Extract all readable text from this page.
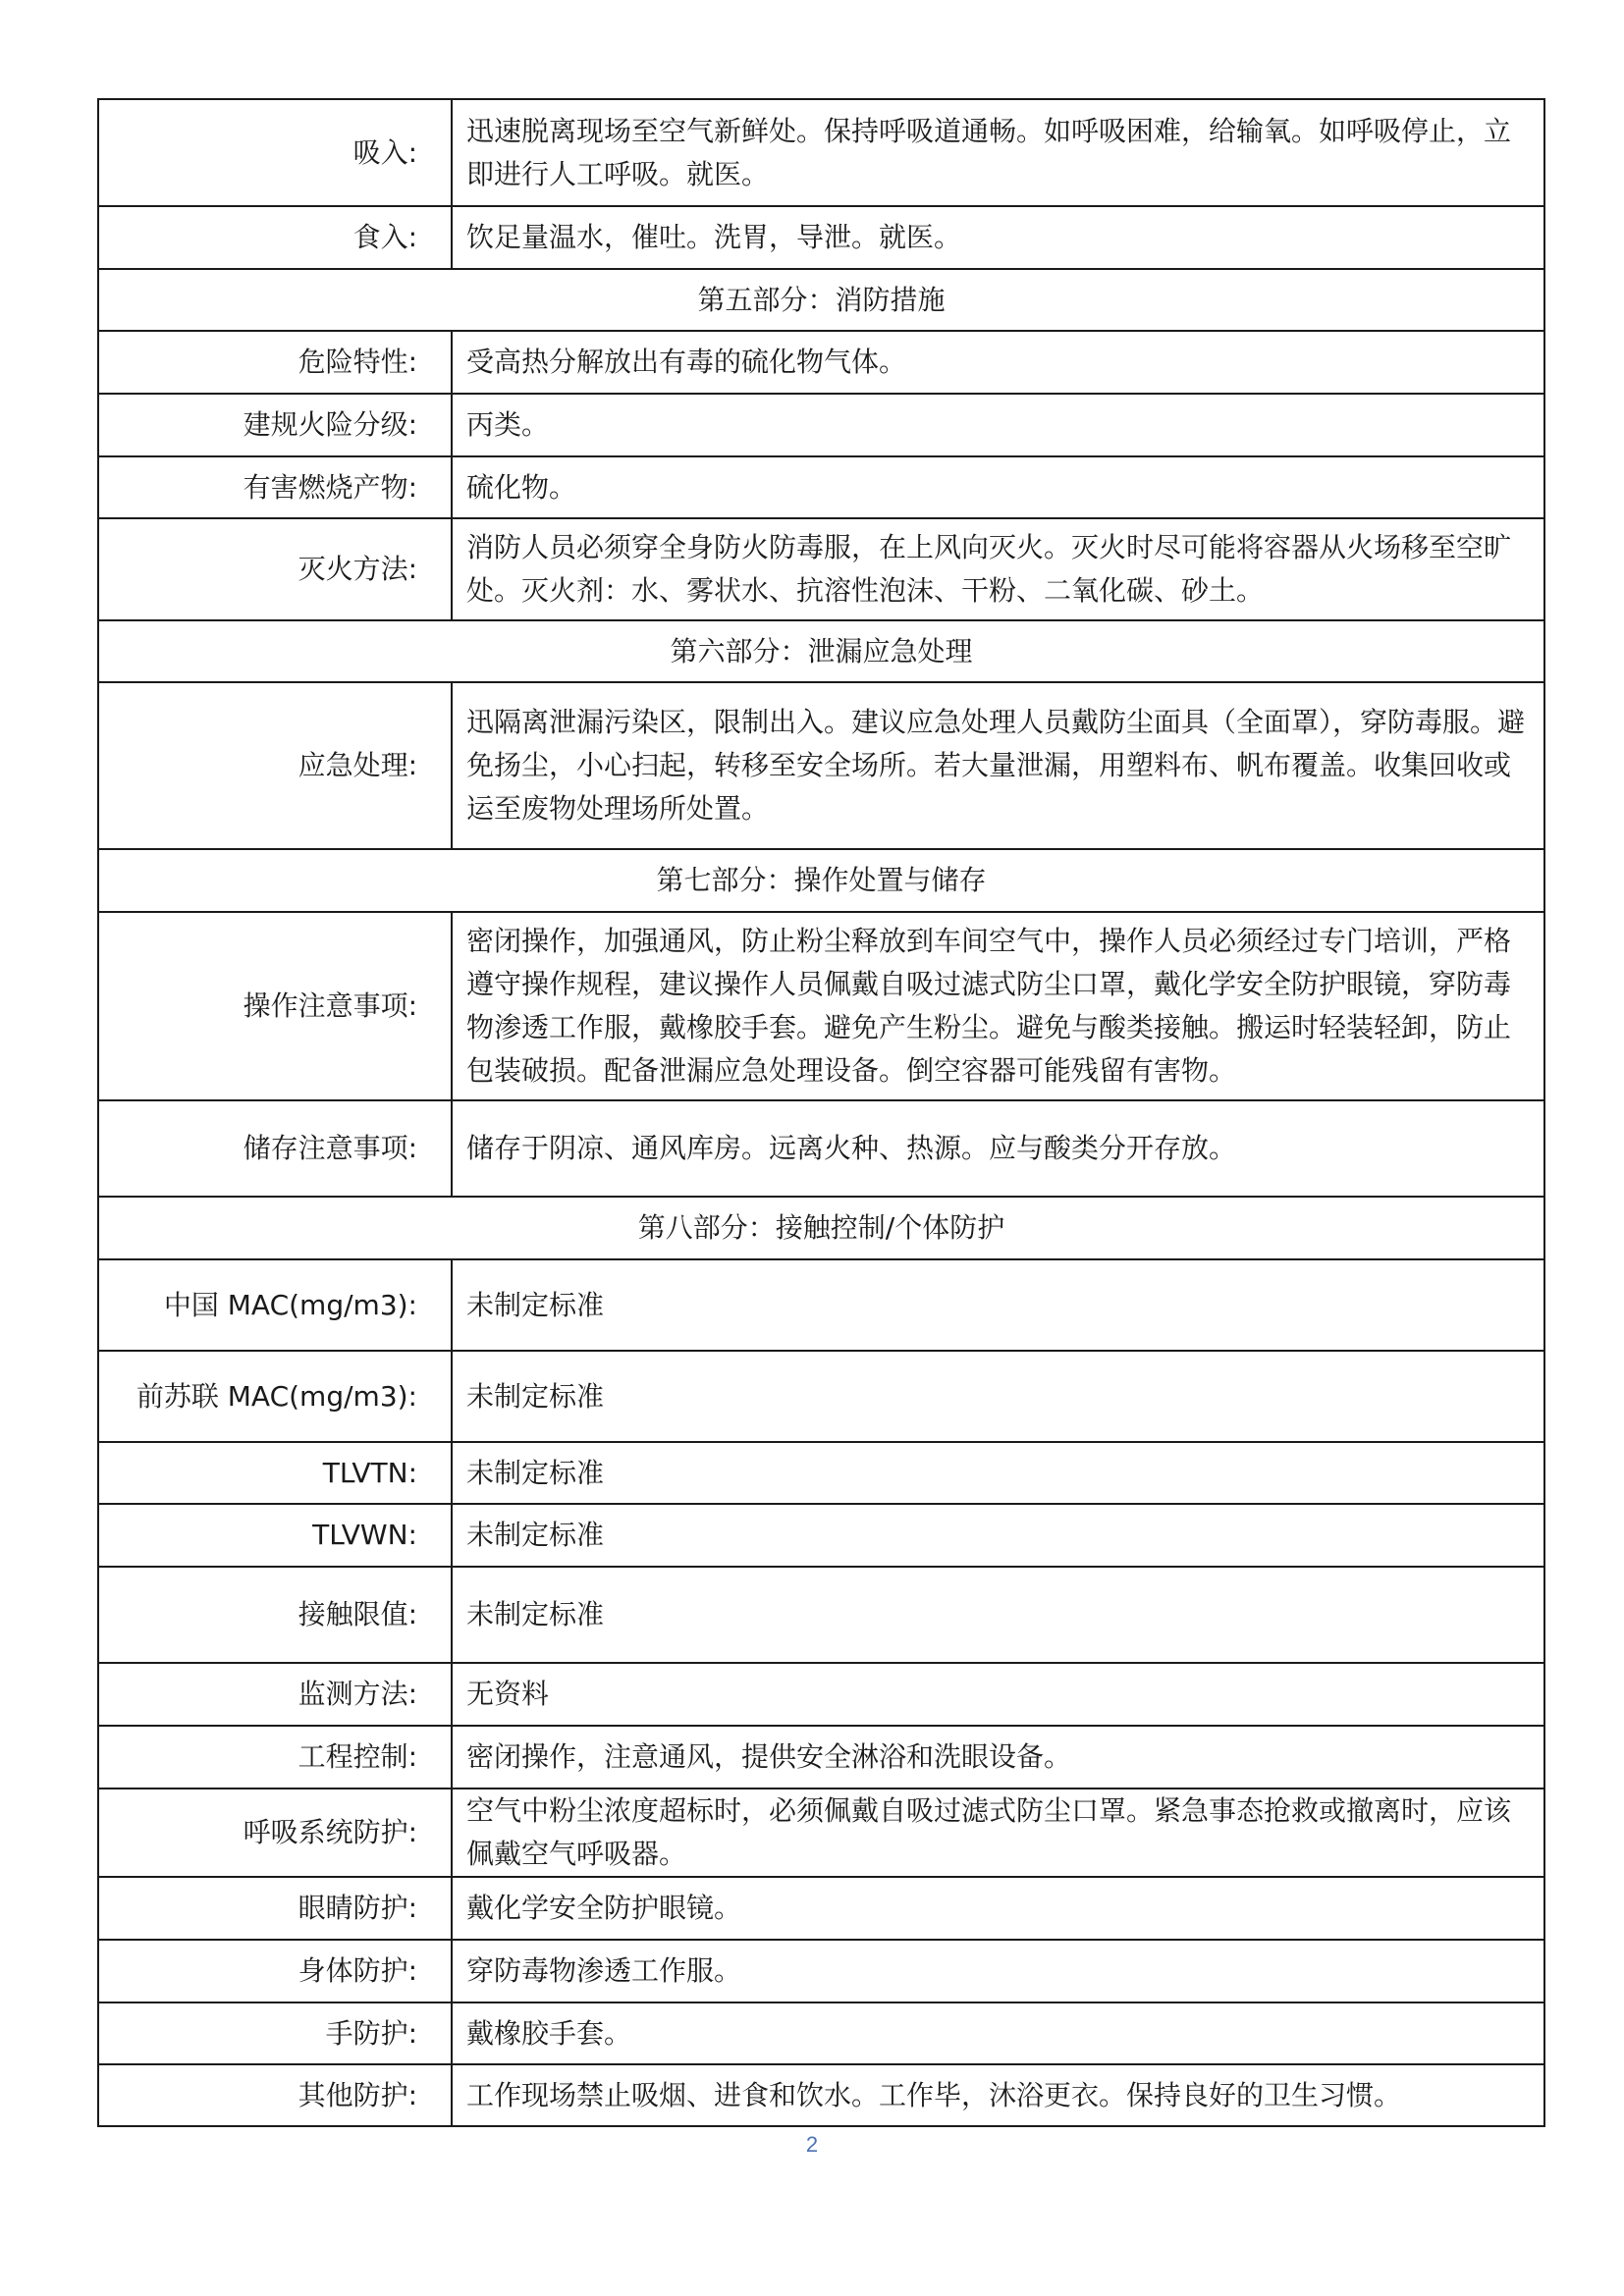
吸入:	迅速脱离现场至空气新鲜处。保持呼吸道通畅。如呼吸困难，给输氧。如呼吸停止，立即进行人工呼吸。就医。
食入:	饮足量温水，催吐。洗胃，导泄。就医。
第五部分：消防措施	
危险特性:	受高热分解放出有毒的硫化物气体。
建规火险分级:	丙类。
有害燃烧产物:	硫化物。
灭火方法:	消防人员必须穿全身防火防毒服，在上风向灭火。灭火时尽可能将容器从火场移至空旷处。灭火剂：水、雾状水、抗溶性泡沫、干粉、二氧化碳、砂土。
第六部分：泄漏应急处理	
应急处理:	迅隔离泄漏污染区，限制出入。建议应急处理人员戴防尘面具（全面罩），穿防毒服。避免扬尘，小心扫起，转移至安全场所。若大量泄漏，用塑料布、帆布覆盖。收集回收或运至废物处理场所处置。
第七部分：操作处置与储存	
操作注意事项:	密闭操作，加强通风，防止粉尘释放到车间空气中，操作人员必须经过专门培训，严格遵守操作规程，建议操作人员佩戴自吸过滤式防尘口罩，戴化学安全防护眼镜，穿防毒物渗透工作服，戴橡胶手套。避免产生粉尘。避免与酸类接触。搬运时轻装轻卸，防止包装破损。配备泄漏应急处理设备。倒空容器可能残留有害物。
储存注意事项:	储存于阴凉、通风库房。远离火种、热源。应与酸类分开存放。
第八部分：接触控制/个体防护	
中国 MAC(mg/m3):	未制定标准
前苏联 MAC(mg/m3):	未制定标准
TLVTN:	未制定标准
TLVWN:	未制定标准
接触限值:	未制定标准
监测方法:	无资料
工程控制:	密闭操作，注意通风，提供安全淋浴和洗眼设备。
呼吸系统防护:	空气中粉尘浓度超标时，必须佩戴自吸过滤式防尘口罩。紧急事态抢救或撤离时，应该佩戴空气呼吸器。
眼睛防护:	戴化学安全防护眼镜。
身体防护:	穿防毒物渗透工作服。
手防护:	戴橡胶手套。
其他防护:	工作现场禁止吸烟、进食和饮水。工作毕，沐浴更衣。保持良好的卫生习惯。
2
